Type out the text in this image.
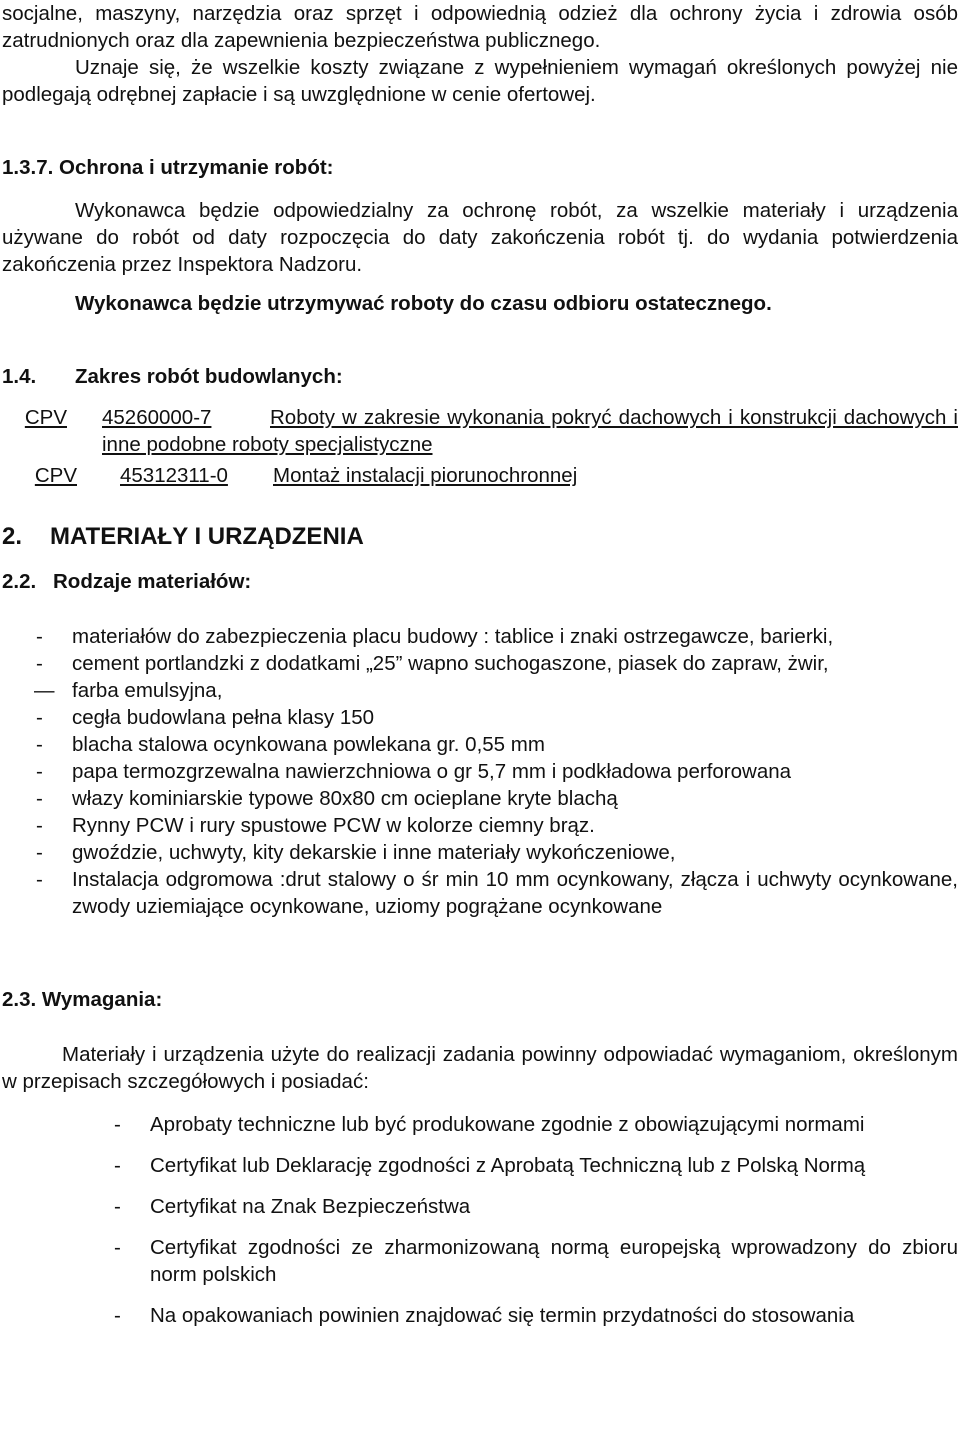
socjalne, maszyny, narzędzia oraz sprzęt i odpowiednią odzież dla ochrony życia i zdrowia osób zatrudnionych oraz dla zapewnienia bezpieczeństwa publicznego.

Uznaje się, że wszelkie koszty związane z wypełnieniem wymagań określonych powyżej nie podlegają odrębnej zapłacie i są uwzględnione w cenie ofertowej.

1.3.7. Ochrona i utrzymanie robót:

Wykonawca będzie odpowiedzialny za ochronę robót, za wszelkie materiały i urządzenia używane do robót od daty rozpoczęcia do daty zakończenia robót tj. do wydania potwierdzenia zakończenia przez Inspektora Nadzoru.

Wykonawca będzie utrzymywać roboty do czasu odbioru ostatecznego.

1.4. Zakres robót budowlanych:

CPV 45260000-7	Roboty w zakresie wykonania pokryć dachowych i konstrukcji dachowych i inne podobne roboty specjalistyczne
CPV 45312311-0 Montaż instalacji piorunochronnej

2. MATERIAŁY I URZĄDZENIA

2.2. Rodzaje materiałów:

- materiałów do zabezpieczenia placu budowy : tablice i znaki ostrzegawcze, barierki,
- cement portlandzki z dodatkami „25” wapno suchogaszone, piasek do zapraw, żwir,
— farba emulsyjna,
- cegła budowlana pełna klasy 150
- blacha stalowa ocynkowana powlekana gr. 0,55 mm
- papa termozgrzewalna nawierzchniowa o gr 5,7 mm i podkładowa perforowana
- włazy kominiarskie typowe 80x80 cm ocieplane kryte blachą
- Rynny PCW i rury spustowe PCW w kolorze ciemny brąz.
- gwoździe, uchwyty, kity dekarskie i inne materiały wykończeniowe,
- Instalacja odgromowa :drut stalowy o śr min 10 mm ocynkowany, złącza i uchwyty ocynkowane, zwody uziemiające ocynkowane, uziomy pogrążane ocynkowane

2.3. Wymagania:

Materiały i urządzenia użyte do realizacji zadania powinny odpowiadać wymaganiom, określonym w przepisach szczegółowych i posiadać:

- Aprobaty techniczne lub być produkowane zgodnie z obowiązującymi normami
- Certyfikat lub Deklarację zgodności z Aprobatą Techniczną lub z Polską Normą
- Certyfikat na Znak Bezpieczeństwa
- Certyfikat zgodności ze zharmonizowaną normą europejską wprowadzony do zbioru norm polskich
- Na opakowaniach powinien znajdować się termin przydatności do stosowania
